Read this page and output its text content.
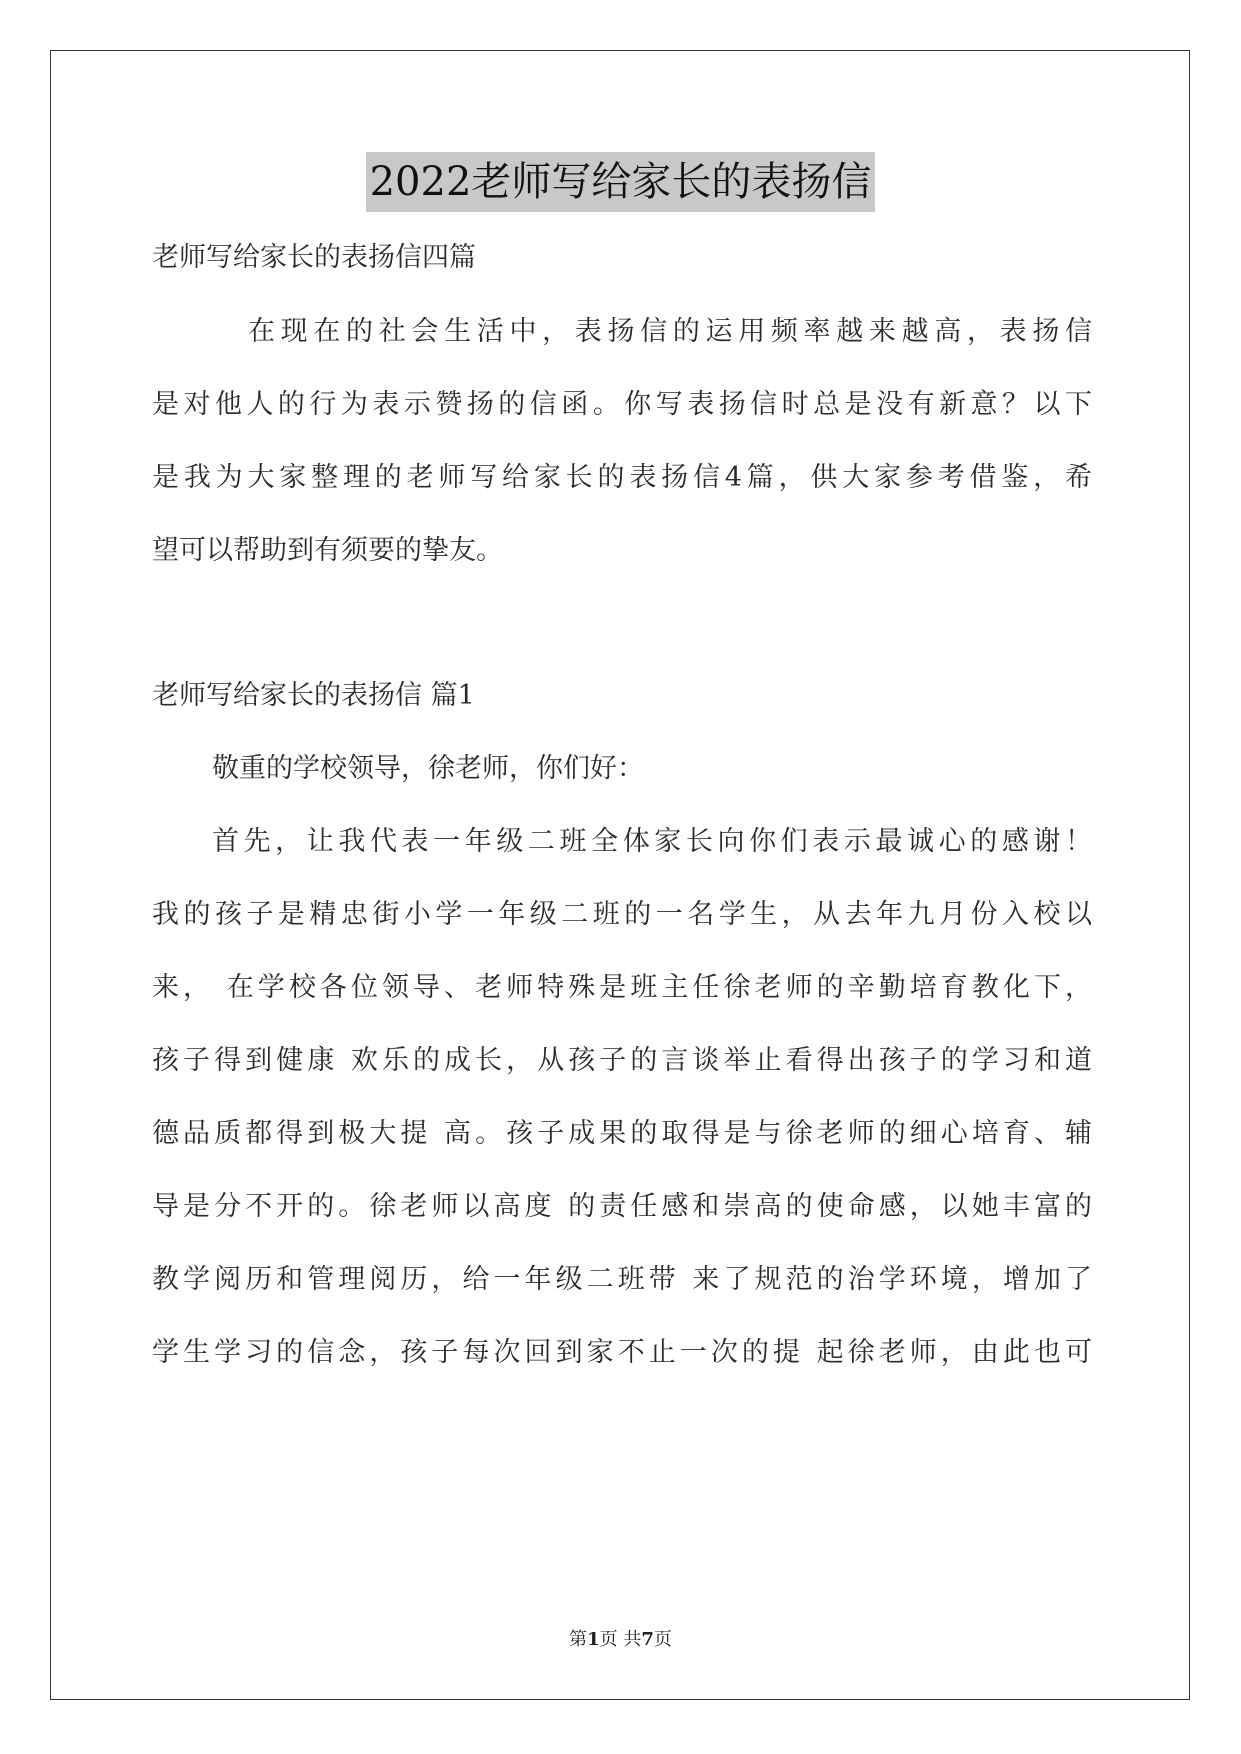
2022老师写给家长的表扬信
老师写给家长的表扬信四篇
在现在的社会生活中，表扬信的运用频率越来越高，表扬信
是对他人的行为表示赞扬的信函。你写表扬信时总是没有新意？以下
是我为大家整理的老师写给家长的表扬信4篇，供大家参考借鉴，希
望可以帮助到有须要的挚友。
老师写给家长的表扬信 篇1
敬重的学校领导，徐老师，你们好：
首先，让我代表一年级二班全体家长向你们表示最诚心的感谢！
我的孩子是精忠街小学一年级二班的一名学生，从去年九月份入校以
来， 在学校各位领导、老师特殊是班主任徐老师的辛勤培育教化下，
孩子得到健康 欢乐的成长，从孩子的言谈举止看得出孩子的学习和道
德品质都得到极大提 高。孩子成果的取得是与徐老师的细心培育、辅
导是分不开的。徐老师以高度 的责任感和崇高的使命感，以她丰富的
教学阅历和管理阅历，给一年级二班带 来了规范的治学环境，增加了
学生学习的信念，孩子每次回到家不止一次的提 起徐老师，由此也可
第1页 共7页
